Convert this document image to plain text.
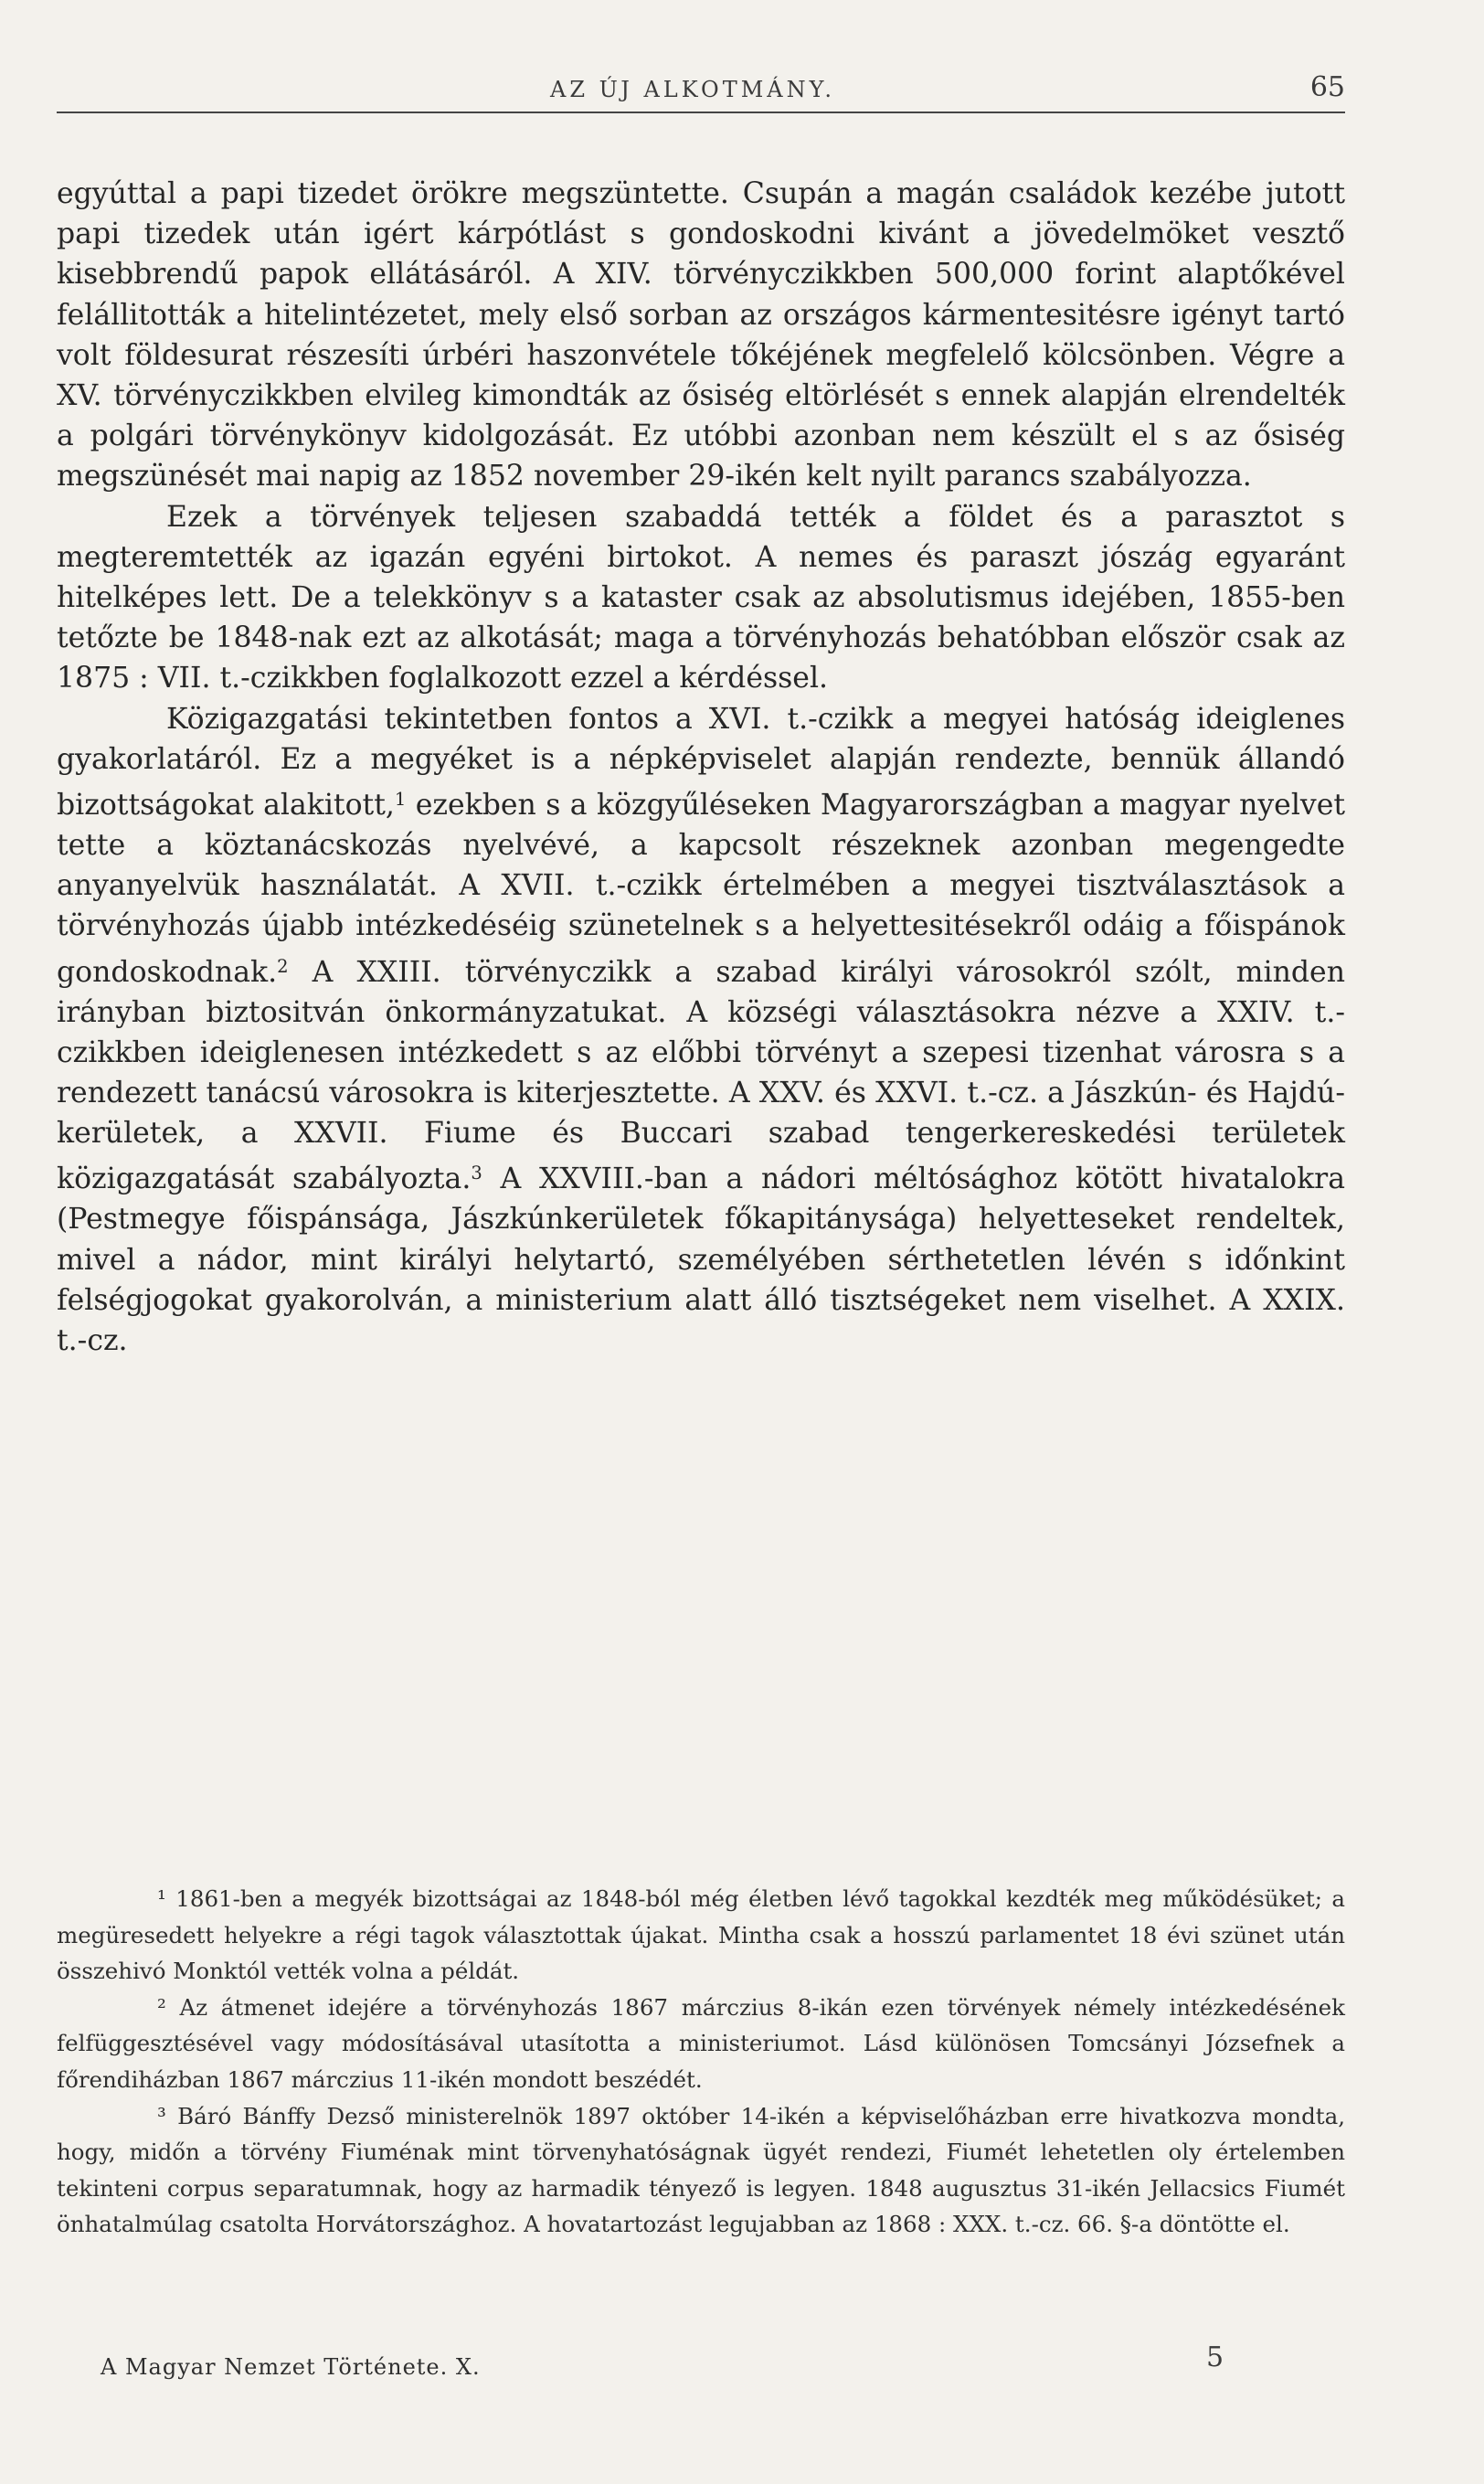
AZ ÚJ ALKOTMÁNY.	65

egyúttal a papi tizedet örökre megszüntette. Csupán a magán családok kezébe jutott papi tizedek után igért kárpótlást s gondoskodni kivánt a jövedelmöket vesztő kisebbrendű papok ellátásáról. A XIV. törvényczikkben 500,000 forint alaptőkével felállitották a hitelintézetet, mely első sorban az országos kármentesitésre igényt tartó volt földesurat részesíti úrbéri haszonvétele tőkéjének megfelelő kölcsönben. Végre a XV. törvényczikkben elvileg kimondták az ősiség eltörlését s ennek alapján elrendelték a polgári törvénykönyv kidolgozását. Ez utóbbi azonban nem készült el s az ősiség megszünését mai napig az 1852 november 29-ikén kelt nyilt parancs szabályozza.

Ezek a törvények teljesen szabaddá tették a földet és a parasztot s megteremtették az igazán egyéni birtokot. A nemes és paraszt jószág egyaránt hitelképes lett. De a telekkönyv s a kataster csak az absolutismus idejében, 1855-ben tetőzte be 1848-nak ezt az alkotását; maga a törvényhozás behatóbban először csak az 1875 : VII. t.-czikkben foglalkozott ezzel a kérdéssel.

Közigazgatási tekintetben fontos a XVI. t.-czikk a megyei hatóság ideiglenes gyakorlatáról. Ez a megyéket is a népképviselet alapján rendezte, bennük állandó bizottságokat alakitott,$^1$ ezekben s a közgyűléseken Magyarországban a magyar nyelvet tette a köztanácskozás nyelvévé, a kapcsolt részeknek azonban megengedte anyanyelvük használatát. A XVII. t.-czikk értelmében a megyei tisztválasztások a törvényhozás újabb intézkedéséig szünetelnek s a helyettesitésekről odáig a főispánok gondoskodnak.$^2$ A XXIII. törvényczikk a szabad királyi városokról szólt, minden irányban biztositván önkormányzatukat. A községi választásokra nézve a XXIV. t.-czikkben ideiglenesen intézkedett s az előbbi törvényt a szepesi tizenhat városra s a rendezett tanácsú városokra is kiterjesztette. A XXV. és XXVI. t.-cz. a Jászkún- és Hajdú-kerületek, a XXVII. Fiume és Buccari szabad tengerkereskedési területek közigazgatását szabályozta.$^3$ A XXVIII.-ban a nádori méltósághoz kötött hivatalokra (Pestmegye főispánsága, Jászkúnkerületek főkapitánysága) helyetteseket rendeltek, mivel a nádor, mint királyi helytartó, személyében sérthetetlen lévén s időnkint felségjogokat gyakorolván, a ministerium alatt álló tisztségeket nem viselhet. A XXIX. t.-cz.

¹ 1861-ben a megyék bizottságai az 1848-ból még életben lévő tagokkal kezdték meg működésüket; a megüresedett helyekre a régi tagok választottak újakat. Mintha csak a hosszú parlamentet 18 évi szünet után összehivó Monktól vették volna a példát.

² Az átmenet idejére a törvényhozás 1867 márczius 8-ikán ezen törvények némely intézkedésének felfüggesztésével vagy módosításával utasította a ministeriumot. Lásd különösen Tomcsányi Józsefnek a főrendiházban 1867 márczius 11-ikén mondott beszédét.

³ Báró Bánffy Dezső ministerelnök 1897 október 14-ikén a képviselőházban erre hivatkozva mondta, hogy, midőn a törvény Fiuménak mint törvenyhatóságnak ügyét rendezi, Fiumét lehetetlen oly értelemben tekinteni corpus separatumnak, hogy az harmadik tényező is legyen. 1848 augusztus 31-ikén Jellacsics Fiumét önhatalmúlag csatolta Horvátországhoz. A hovatartozást legujabban az 1868 : XXX. t.-cz. 66. §-a döntötte el.

A Magyar Nemzet Története. X.	5
